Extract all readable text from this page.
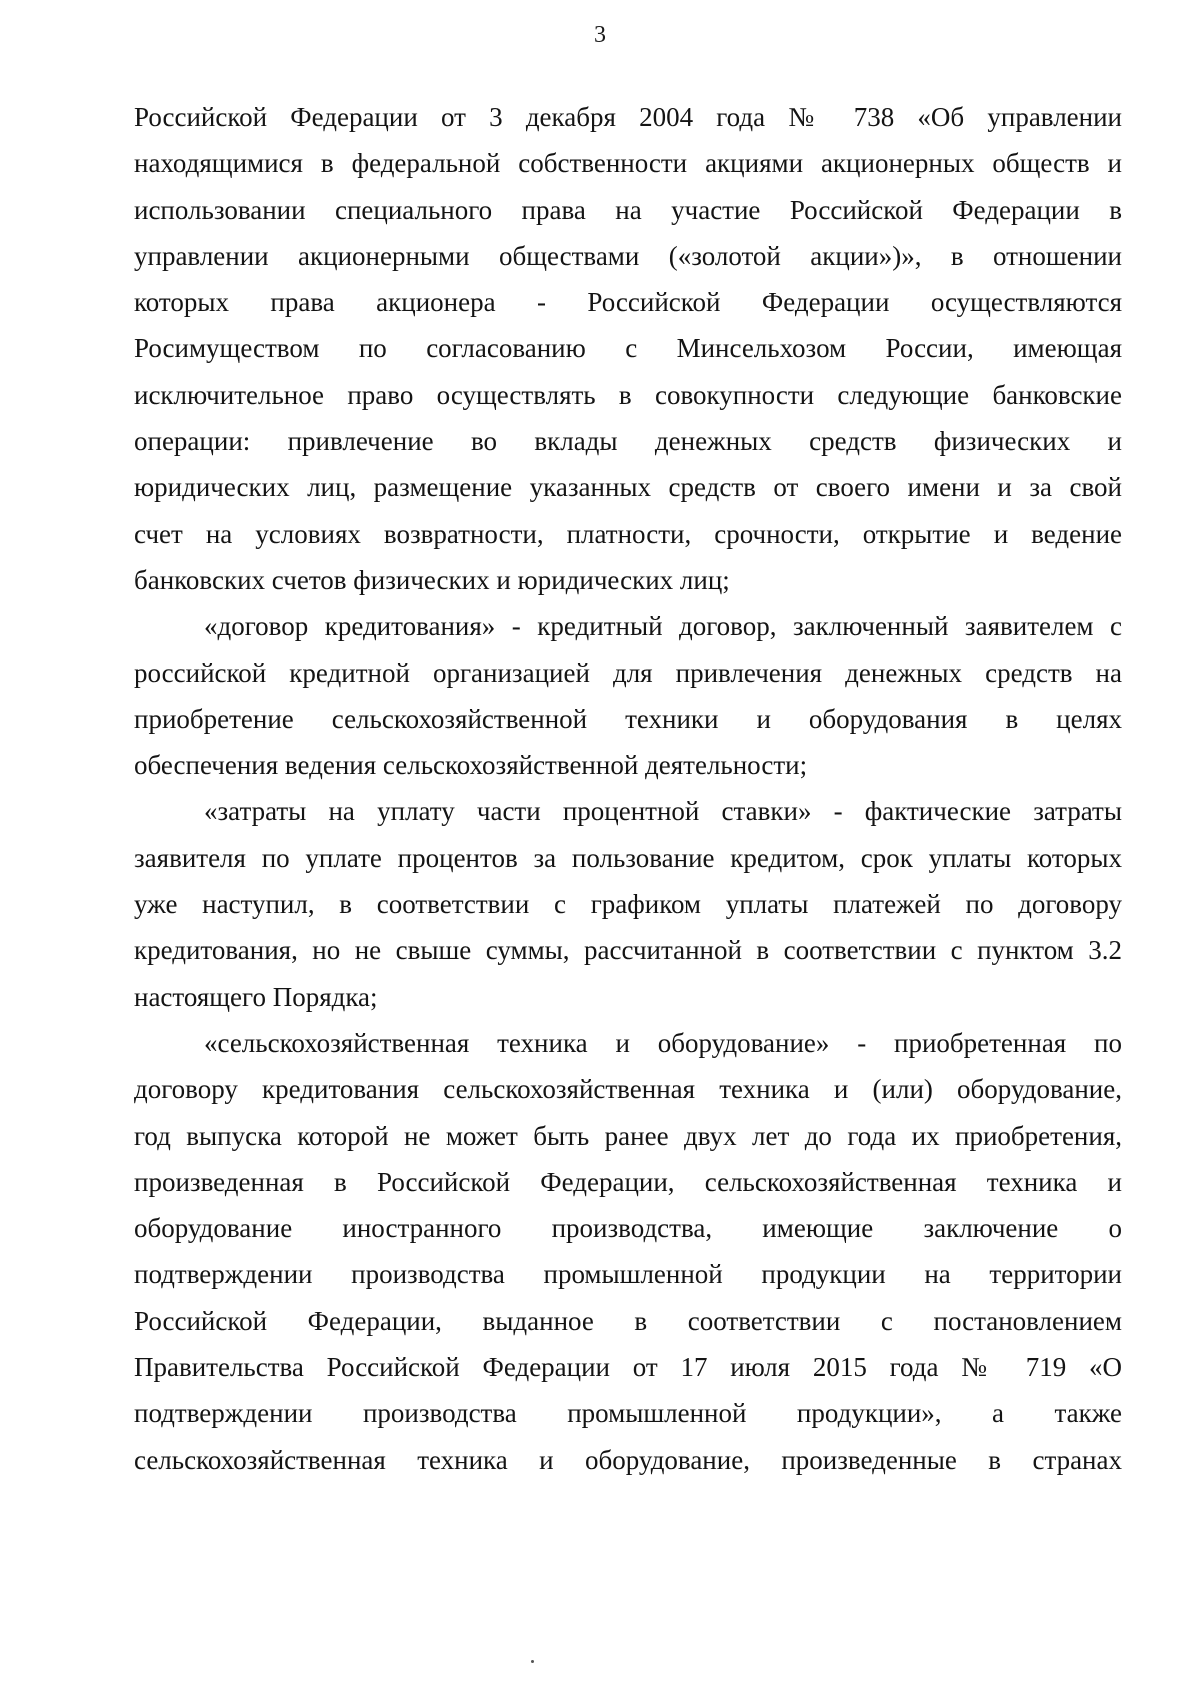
3
Российской Федерации от 3 декабря 2004 года № 738 «Об управлении
находящимися в федеральной собственности акциями акционерных обществ и
использовании специального права на участие Российской Федерации в
управлении акционерными обществами («золотой акции»)», в отношении
которых права акционера - Российской Федерации осуществляются
Росимуществом по согласованию с Минсельхозом России, имеющая
исключительное право осуществлять в совокупности следующие банковские
операции: привлечение во вклады денежных средств физических и
юридических лиц, размещение указанных средств от своего имени и за свой
счет на условиях возвратности, платности, срочности, открытие и ведение
банковских счетов физических и юридических лиц;
«договор кредитования» - кредитный договор, заключенный заявителем с
российской кредитной организацией для привлечения денежных средств на
приобретение сельскохозяйственной техники и оборудования в целях
обеспечения ведения сельскохозяйственной деятельности;
«затраты на уплату части процентной ставки» - фактические затраты
заявителя по уплате процентов за пользование кредитом, срок уплаты которых
уже наступил, в соответствии с графиком уплаты платежей по договору
кредитования, но не свыше суммы, рассчитанной в соответствии с пунктом 3.2
настоящего Порядка;
«сельскохозяйственная техника и оборудование» - приобретенная по
договору кредитования сельскохозяйственная техника и (или) оборудование,
год выпуска которой не может быть ранее двух лет до года их приобретения,
произведенная в Российской Федерации, сельскохозяйственная техника и
оборудование иностранного производства, имеющие заключение о
подтверждении производства промышленной продукции на территории
Российской Федерации, выданное в соответствии с постановлением
Правительства Российской Федерации от 17 июля 2015 года № 719 «О
подтверждении производства промышленной продукции», а также
сельскохозяйственная техника и оборудование, произведенные в странах
